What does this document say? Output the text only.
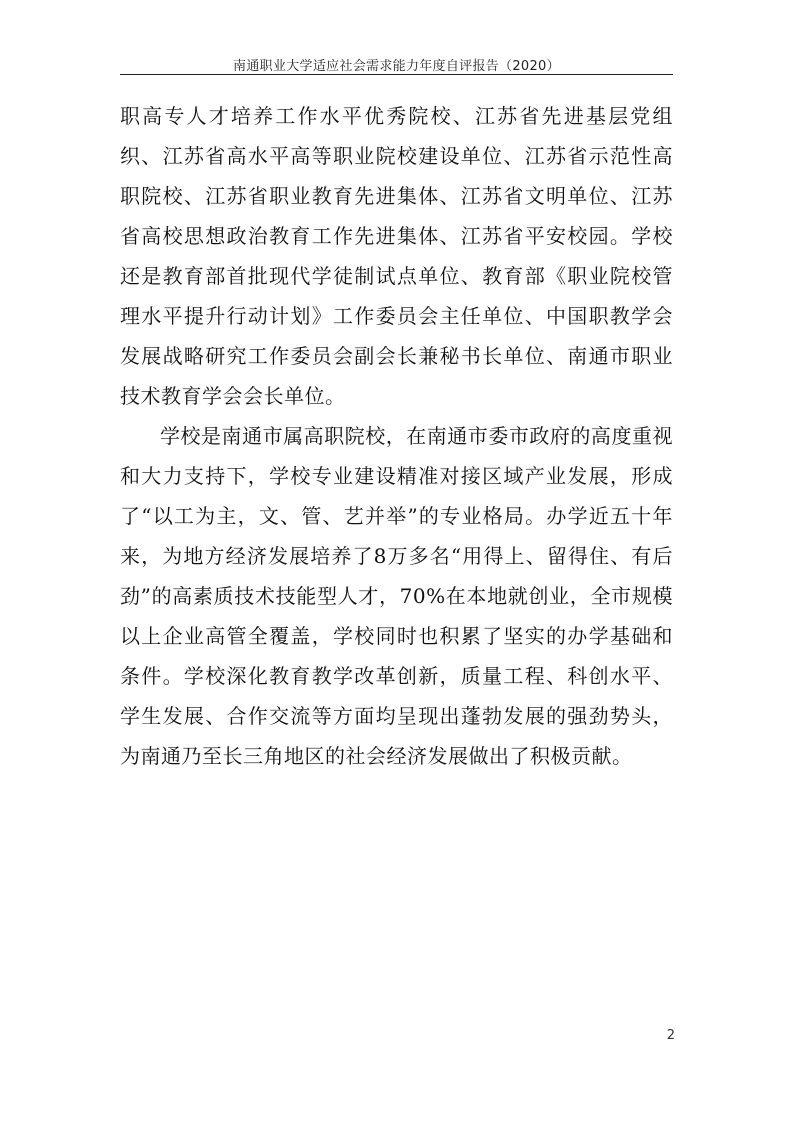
南通职业大学适应社会需求能力年度自评报告（2020）

职高专人才培养工作水平优秀院校、江苏省先进基层党组织、江苏省高水平高等职业院校建设单位、江苏省示范性高职院校、江苏省职业教育先进集体、江苏省文明单位、江苏省高校思想政治教育工作先进集体、江苏省平安校园。学校还是教育部首批现代学徒制试点单位、教育部《职业院校管理水平提升行动计划》工作委员会主任单位、中国职教学会发展战略研究工作委员会副会长兼秘书长单位、南通市职业技术教育学会会长单位。

学校是南通市属高职院校，在南通市委市政府的高度重视和大力支持下，学校专业建设精准对接区域产业发展，形成了“以工为主，文、管、艺并举”的专业格局。办学近五十年来，为地方经济发展培养了8万多名“用得上、留得住、有后劲”的高素质技术技能型人才，70%在本地就创业，全市规模以上企业高管全覆盖，学校同时也积累了坚实的办学基础和条件。学校深化教育教学改革创新，质量工程、科创水平、学生发展、合作交流等方面均呈现出蓬勃发展的强劲势头，为南通乃至长三角地区的社会经济发展做出了积极贡献。

2
